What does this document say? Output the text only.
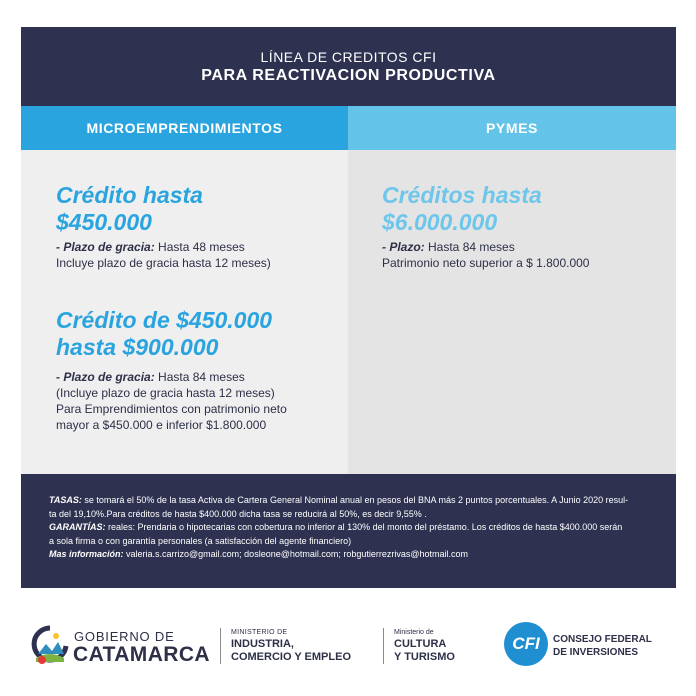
LÍNEA DE CREDITOS CFI
PARA REACTIVACION PRODUCTIVA
MICROEMPRENDIMIENTOS	PYMES
Crédito hasta
$450.000
- Plazo de gracia: Hasta 48 meses
Incluye plazo de gracia hasta 12 meses)
Crédito de $450.000
hasta $900.000
- Plazo de gracia: Hasta 84 meses
(Incluye plazo de gracia hasta 12 meses)
Para Emprendimientos con patrimonio neto
mayor a $450.000 e inferior $1.800.000
Créditos hasta
$6.000.000
- Plazo: Hasta 84 meses
Patrimonio neto superior a $ 1.800.000
TASAS: se tomará el 50% de la tasa Activa de Cartera General Nominal anual en pesos del BNA más 2 puntos porcentuales. A Junio 2020 resul-
ta del 19,10%.Para créditos de hasta $400.000 dicha tasa se reducirá al 50%, es decir 9,55% .
GARANTÍAS: reales: Prendaria o hipotecarias con cobertura no inferior al 130% del monto del préstamo. Los créditos de hasta $400.000 serán
a sola firma o con garantía personales (a satisfacción del agente financiero)
Mas información: valeria.s.carrizo@gmail.com; dosleone@hotmail.com; robgutierrezrivas@hotmail.com
GOBIERNO DE
CATAMARCA
MINISTERIO DE
INDUSTRIA,
COMERCIO Y EMPLEO
Ministerio de
CULTURA
Y TURISMO
CFI	CONSEJO FEDERAL
DE INVERSIONES
